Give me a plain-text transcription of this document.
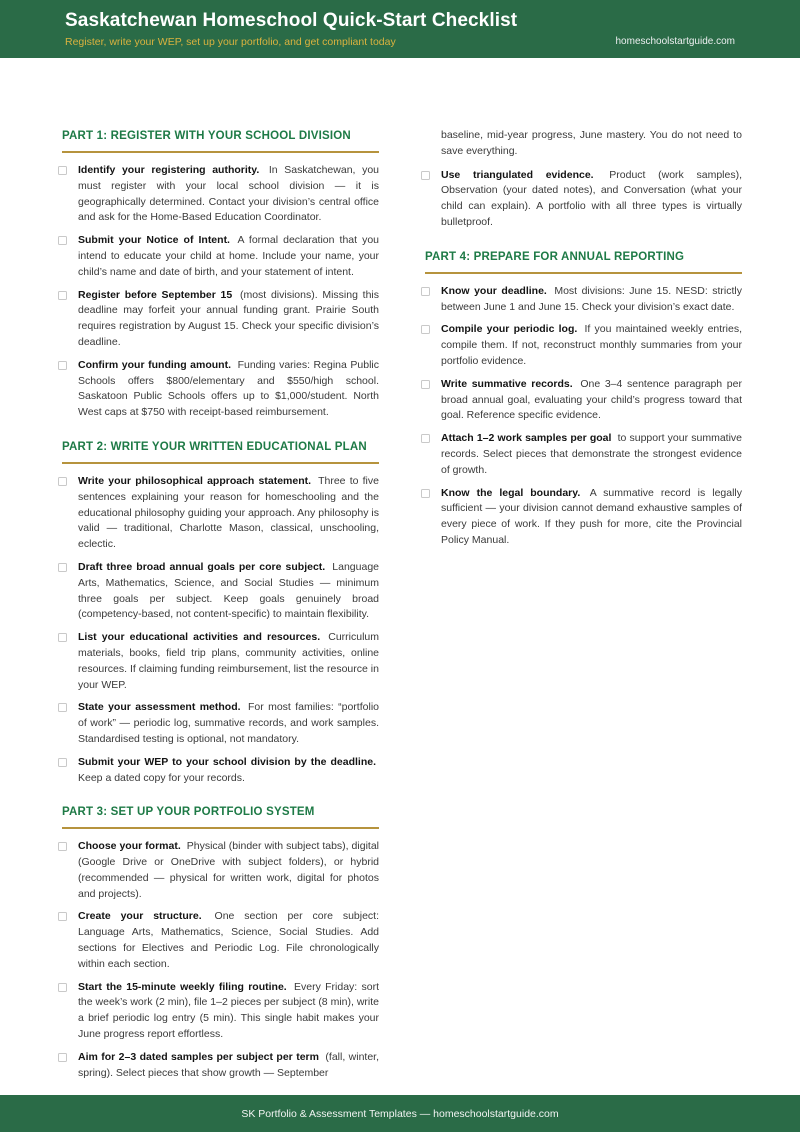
Saskatchewan Homeschool Quick-Start Checklist
Register, write your WEP, set up your portfolio, and get compliant today	homeschoolstartguide.com
PART 1: REGISTER WITH YOUR SCHOOL DIVISION
Identify your registering authority. In Saskatchewan, you must register with your local school division — it is geographically determined. Contact your division’s central office and ask for the Home-Based Education Coordinator.
Submit your Notice of Intent. A formal declaration that you intend to educate your child at home. Include your name, your child’s name and date of birth, and your statement of intent.
Register before September 15 (most divisions). Missing this deadline may forfeit your annual funding grant. Prairie South requires registration by August 15. Check your specific division’s deadline.
Confirm your funding amount. Funding varies: Regina Public Schools offers $800/elementary and $550/high school. Saskatoon Public Schools offers up to $1,000/student. North West caps at $750 with receipt-based reimbursement.
PART 2: WRITE YOUR WRITTEN EDUCATIONAL PLAN
Write your philosophical approach statement. Three to five sentences explaining your reason for homeschooling and the educational philosophy guiding your approach. Any philosophy is valid — traditional, Charlotte Mason, classical, unschooling, eclectic.
Draft three broad annual goals per core subject. Language Arts, Mathematics, Science, and Social Studies — minimum three goals per subject. Keep goals genuinely broad (competency-based, not content-specific) to maintain flexibility.
List your educational activities and resources. Curriculum materials, books, field trip plans, community activities, online resources. If claiming funding reimbursement, list the resource in your WEP.
State your assessment method. For most families: “portfolio of work” — periodic log, summative records, and work samples. Standardised testing is optional, not mandatory.
Submit your WEP to your school division by the deadline. Keep a dated copy for your records.
PART 3: SET UP YOUR PORTFOLIO SYSTEM
Choose your format. Physical (binder with subject tabs), digital (Google Drive or OneDrive with subject folders), or hybrid (recommended — physical for written work, digital for photos and projects).
Create your structure. One section per core subject: Language Arts, Mathematics, Science, Social Studies. Add sections for Electives and Periodic Log. File chronologically within each section.
Start the 15-minute weekly filing routine. Every Friday: sort the week’s work (2 min), file 1–2 pieces per subject (8 min), write a brief periodic log entry (5 min). This single habit makes your June progress report effortless.
Aim for 2–3 dated samples per subject per term (fall, winter, spring). Select pieces that show growth — September
baseline, mid-year progress, June mastery. You do not need to save everything.
Use triangulated evidence. Product (work samples), Observation (your dated notes), and Conversation (what your child can explain). A portfolio with all three types is virtually bulletproof.
PART 4: PREPARE FOR ANNUAL REPORTING
Know your deadline. Most divisions: June 15. NESD: strictly between June 1 and June 15. Check your division’s exact date.
Compile your periodic log. If you maintained weekly entries, compile them. If not, reconstruct monthly summaries from your portfolio evidence.
Write summative records. One 3–4 sentence paragraph per broad annual goal, evaluating your child’s progress toward that goal. Reference specific evidence.
Attach 1–2 work samples per goal to support your summative records. Select pieces that demonstrate the strongest evidence of growth.
Know the legal boundary. A summative record is legally sufficient — your division cannot demand exhaustive samples of every piece of work. If they push for more, cite the Provincial Policy Manual.
SK Portfolio & Assessment Templates — homeschoolstartguide.com
